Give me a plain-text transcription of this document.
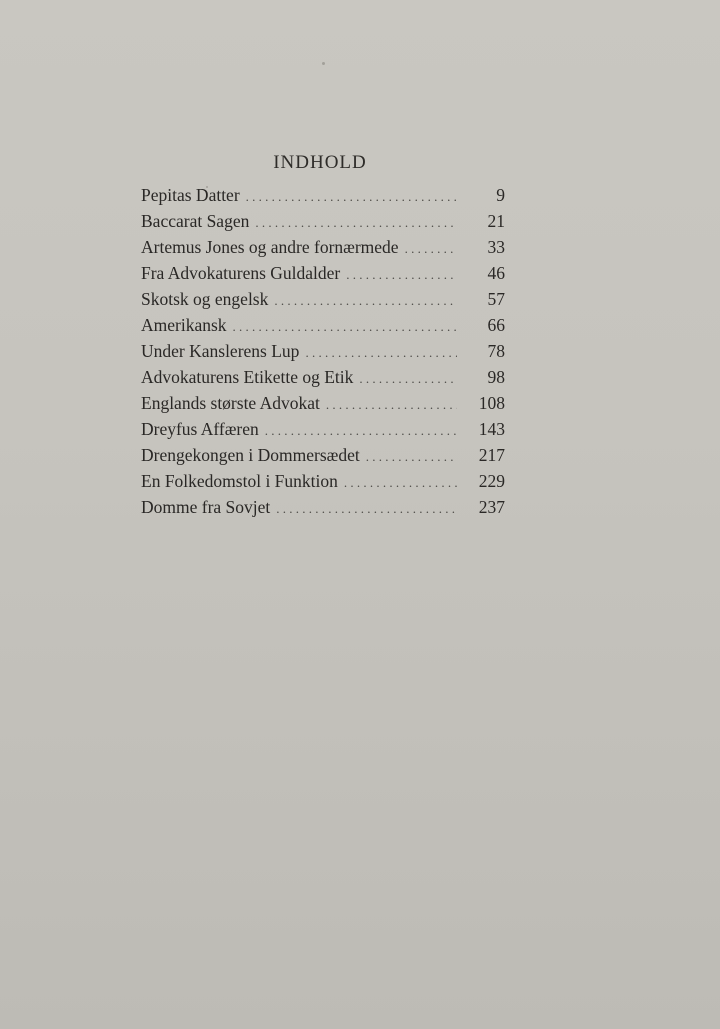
INDHOLD
Pepitas Datter . . .	9
Baccarat Sagen . . .	21
Artemus Jones og andre fornærmede . . .	33
Fra Advokaturens Guldalder . . .	46
Skotsk og engelsk . . .	57
Amerikansk . . .	66
Under Kanslerens Lup . . .	78
Advokaturens Etikette og Etik . . .	98
Englands største Advokat . . .	108
Dreyfus Affæren . . .	143
Drengekongen i Dommersædet . . .	217
En Folkedomstol i Funktion . . .	229
Domme fra Sovjet . . .	237
